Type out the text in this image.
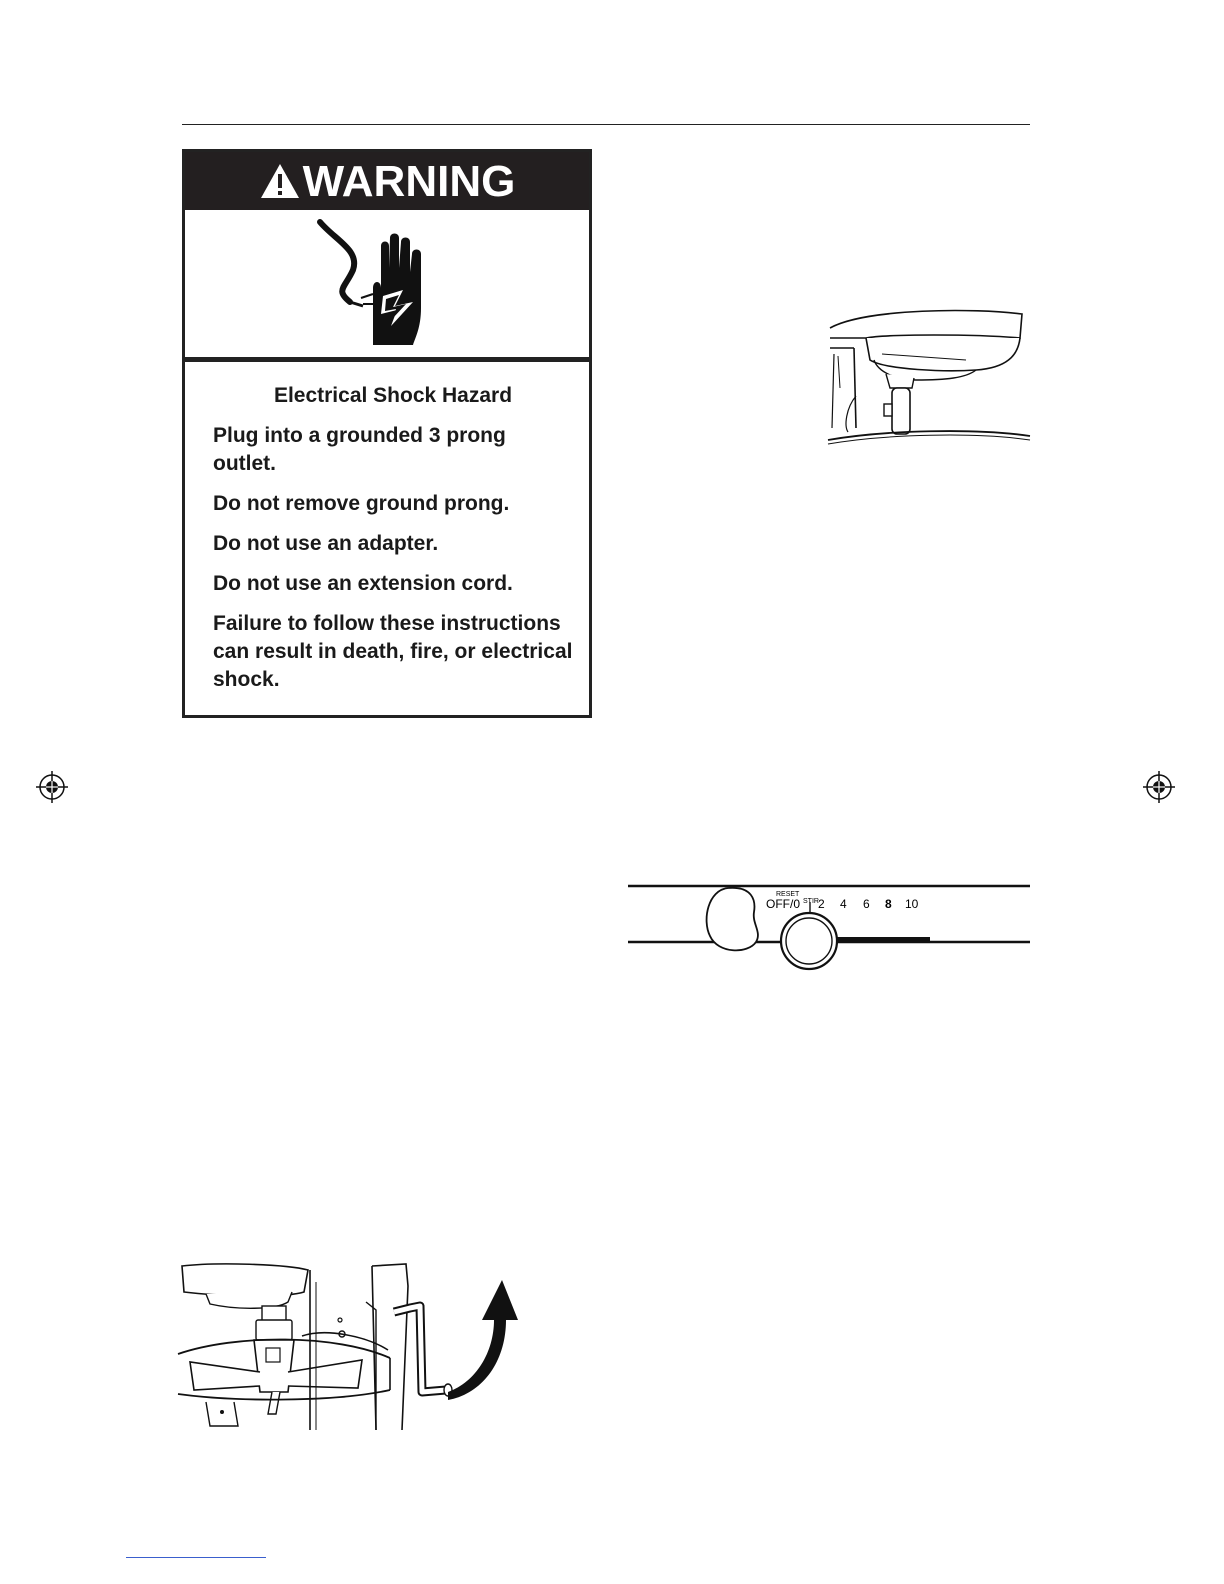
WARNING

Electrical Shock Hazard

Plug into a grounded 3 prong outlet.

Do not remove ground prong.

Do not use an adapter.

Do not use an extension cord.

Failure to follow these instructions can result in death, fire, or electrical shock.

RESET
OFF/0 STIR 2 4 6 8 10
